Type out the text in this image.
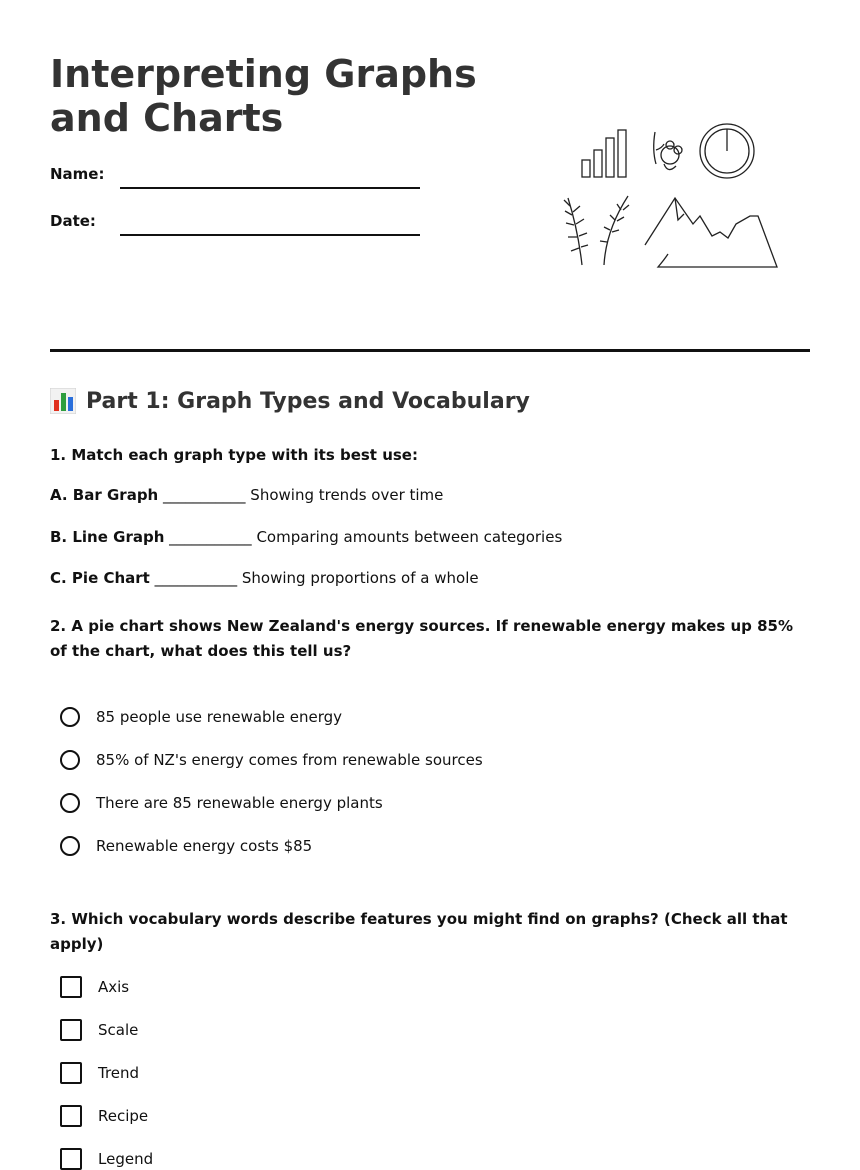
Interpreting Graphs and Charts
Name:
Date:
Part 1: Graph Types and Vocabulary

1. Match each graph type with its best use:

A. Bar Graph ___________ Showing trends over time
B. Line Graph ___________ Comparing amounts between categories
C. Pie Chart ___________ Showing proportions of a whole

2. A pie chart shows New Zealand's energy sources. If renewable energy makes up 85% of the chart, what does this tell us?

85 people use renewable energy
85% of NZ's energy comes from renewable sources
There are 85 renewable energy plants
Renewable energy costs $85

3. Which vocabulary words describe features you might find on graphs? (Check all that apply)

Axis
Scale
Trend
Recipe
Legend
